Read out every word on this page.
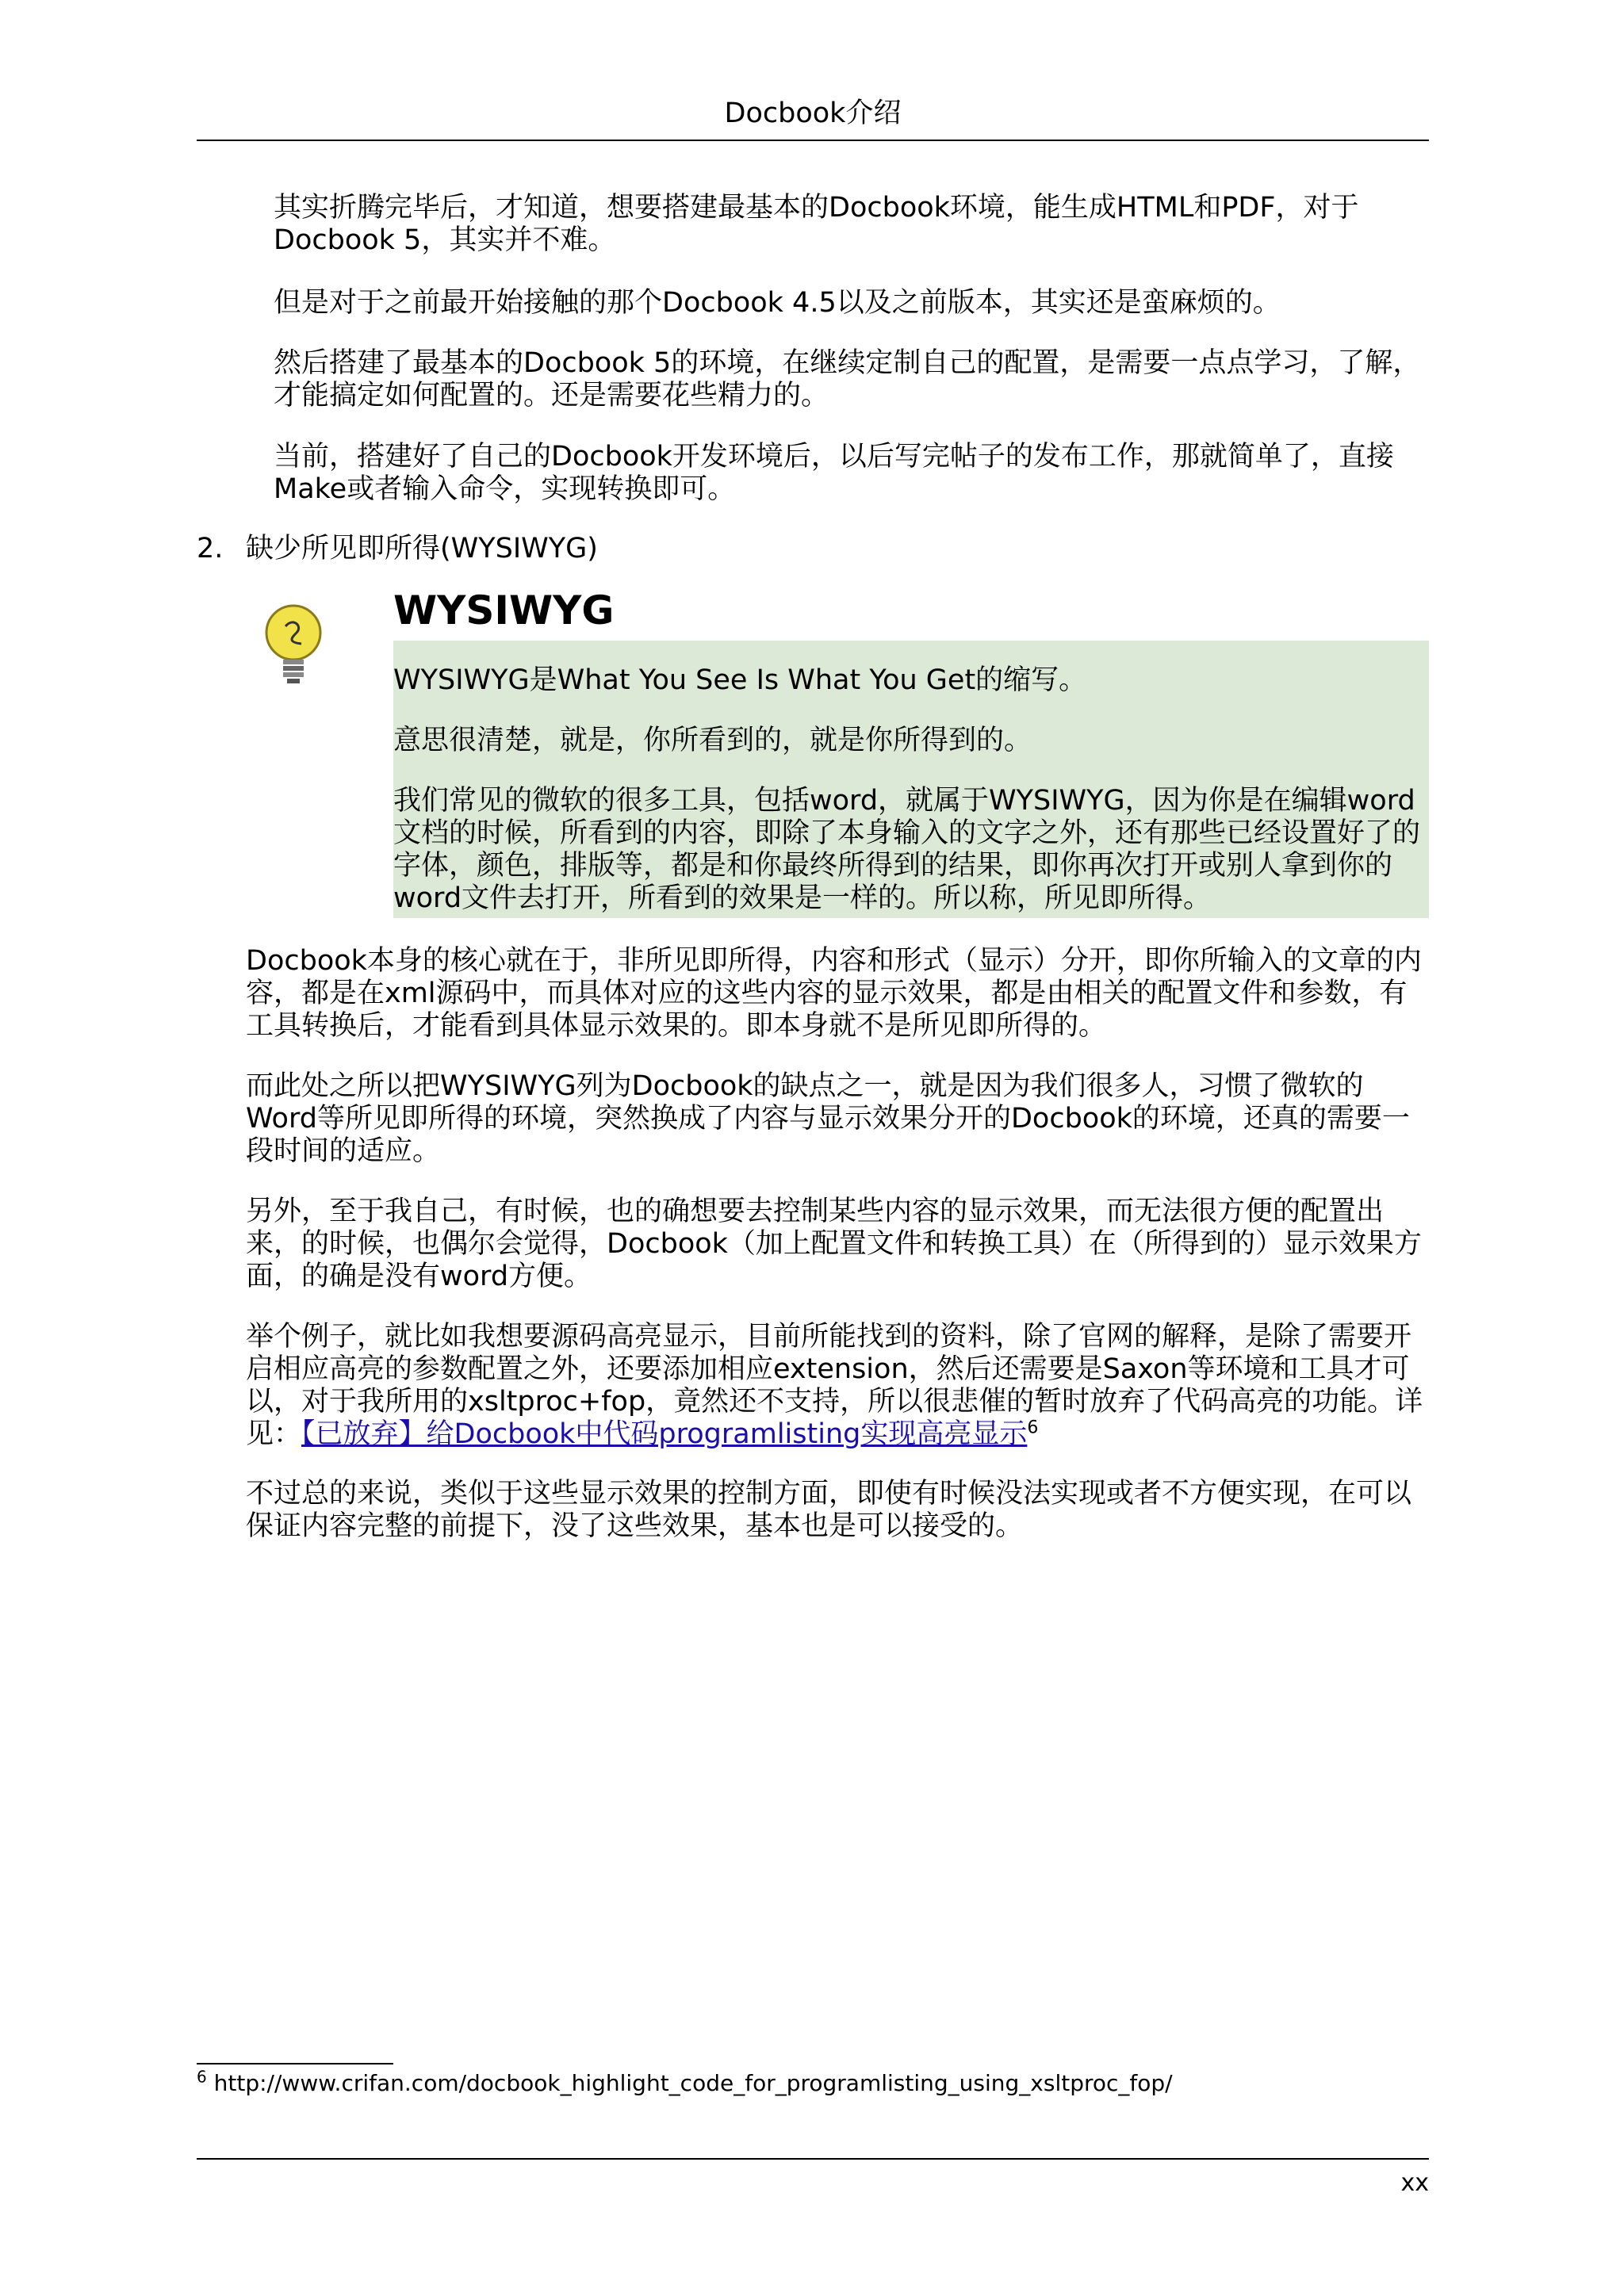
Docbook介绍

其实折腾完毕后，才知道，想要搭建最基本的Docbook环境，能生成HTML和PDF，对于Docbook 5，其实并不难。

但是对于之前最开始接触的那个Docbook 4.5以及之前版本，其实还是蛮麻烦的。

然后搭建了最基本的Docbook 5的环境，在继续定制自己的配置，是需要一点点学习，了解，才能搞定如何配置的。还是需要花些精力的。

当前，搭建好了自己的Docbook开发环境后，以后写完帖子的发布工作，那就简单了，直接Make或者输入命令，实现转换即可。

2. 缺少所见即所得(WYSIWYG)
WYSIWYG

WYSIWYG是What You See Is What You Get的缩写。

意思很清楚，就是，你所看到的，就是你所得到的。

我们常见的微软的很多工具，包括word，就属于WYSIWYG，因为你是在编辑word文档的时候，所看到的内容，即除了本身输入的文字之外，还有那些已经设置好了的字体，颜色，排版等，都是和你最终所得到的结果，即你再次打开或别人拿到你的word文件去打开，所看到的效果是一样的。所以称，所见即所得。

Docbook本身的核心就在于，非所见即所得，内容和形式（显示）分开，即你所输入的文章的内容，都是在xml源码中，而具体对应的这些内容的显示效果，都是由相关的配置文件和参数，有工具转换后，才能看到具体显示效果的。即本身就不是所见即所得的。

而此处之所以把WYSIWYG列为Docbook的缺点之一，就是因为我们很多人，习惯了微软的Word等所见即所得的环境，突然换成了内容与显示效果分开的Docbook的环境，还真的需要一段时间的适应。

另外，至于我自己，有时候，也的确想要去控制某些内容的显示效果，而无法很方便的配置出来，的时候，也偶尔会觉得，Docbook（加上配置文件和转换工具）在（所得到的）显示效果方面，的确是没有word方便。

举个例子，就比如我想要源码高亮显示，目前所能找到的资料，除了官网的解释，是除了需要开启相应高亮的参数配置之外，还要添加相应extension，然后还需要是Saxon等环境和工具才可以，对于我所用的xsltproc+fop，竟然还不支持，所以很悲催的暂时放弃了代码高亮的功能。详见：【已放弃】给Docbook中代码programlisting实现高亮显示$^6$

不过总的来说，类似于这些显示效果的控制方面，即使有时候没法实现或者不方便实现，在可以保证内容完整的前提下，没了这些效果，基本也是可以接受的。

$^6$ http://www.crifan.com/docbook_highlight_code_for_programlisting_using_xsltproc_fop/
xx
